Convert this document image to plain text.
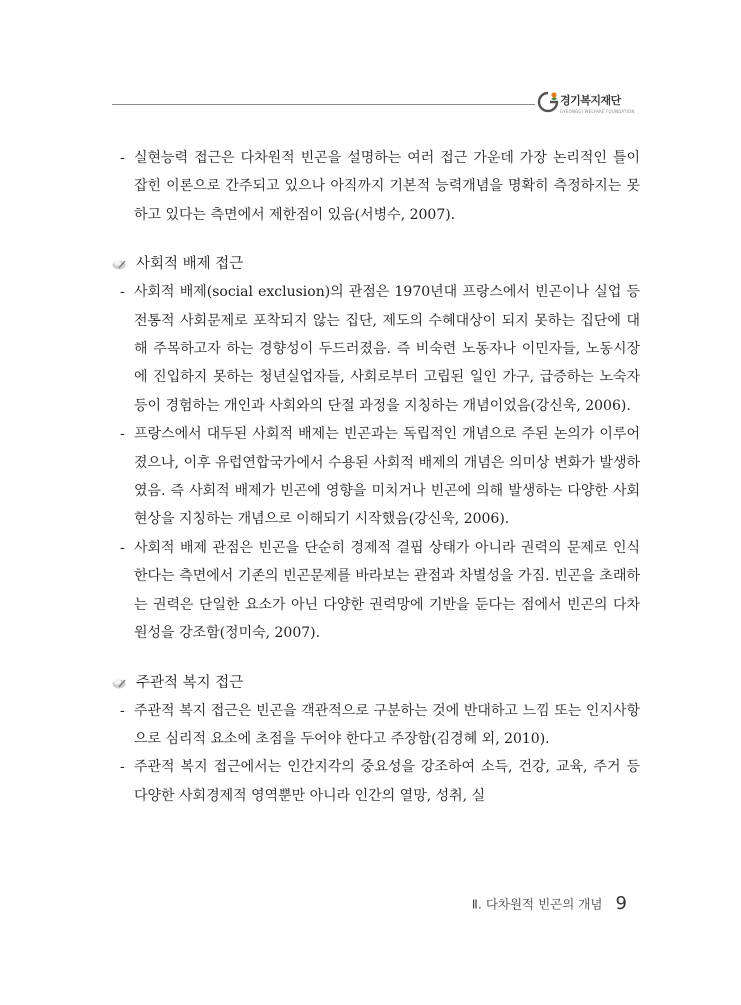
경기복지재단
GYEONGGI WELFARE FOUNDATION

- 실현능력 접근은 다차원적 빈곤을 설명하는 여러 접근 가운데 가장 논리적인 틀이 잡힌 이론으로 간주되고 있으나 아직까지 기본적 능력개념을 명확히 측정하지는 못하고 있다는 측면에서 제한점이 있음(서병수, 2007).

사회적 배제 접근

- 사회적 배제(social exclusion)의 관점은 1970년대 프랑스에서 빈곤이나 실업 등 전통적 사회문제로 포착되지 않는 집단, 제도의 수혜대상이 되지 못하는 집단에 대해 주목하고자 하는 경향성이 두드러졌음. 즉 비숙련 노동자나 이민자들, 노동시장에 진입하지 못하는 청년실업자들, 사회로부터 고립된 일인 가구, 급증하는 노숙자 등이 경험하는 개인과 사회와의 단절 과정을 지칭하는 개념이었음(강신욱, 2006).

- 프랑스에서 대두된 사회적 배제는 빈곤과는 독립적인 개념으로 주된 논의가 이루어졌으나, 이후 유럽연합국가에서 수용된 사회적 배제의 개념은 의미상 변화가 발생하였음. 즉 사회적 배제가 빈곤에 영향을 미치거나 빈곤에 의해 발생하는 다양한 사회현상을 지칭하는 개념으로 이해되기 시작했음(강신욱, 2006).

- 사회적 배제 관점은 빈곤을 단순히 경제적 결핍 상태가 아니라 권력의 문제로 인식한다는 측면에서 기존의 빈곤문제를 바라보는 관점과 차별성을 가짐. 빈곤을 초래하는 권력은 단일한 요소가 아닌 다양한 권력망에 기반을 둔다는 점에서 빈곤의 다차원성을 강조함(정미숙, 2007).

주관적 복지 접근

- 주관적 복지 접근은 빈곤을 객관적으로 구분하는 것에 반대하고 느낌 또는 인지사항으로 심리적 요소에 초점을 두어야 한다고 주장함(김경혜 외, 2010).

- 주관적 복지 접근에서는 인간지각의 중요성을 강조하여 소득, 건강, 교육, 주거 등 다양한 사회경제적 영역뿐만 아니라 인간의 열망, 성취, 실

Ⅱ. 다차원적 빈곤의 개념 9
